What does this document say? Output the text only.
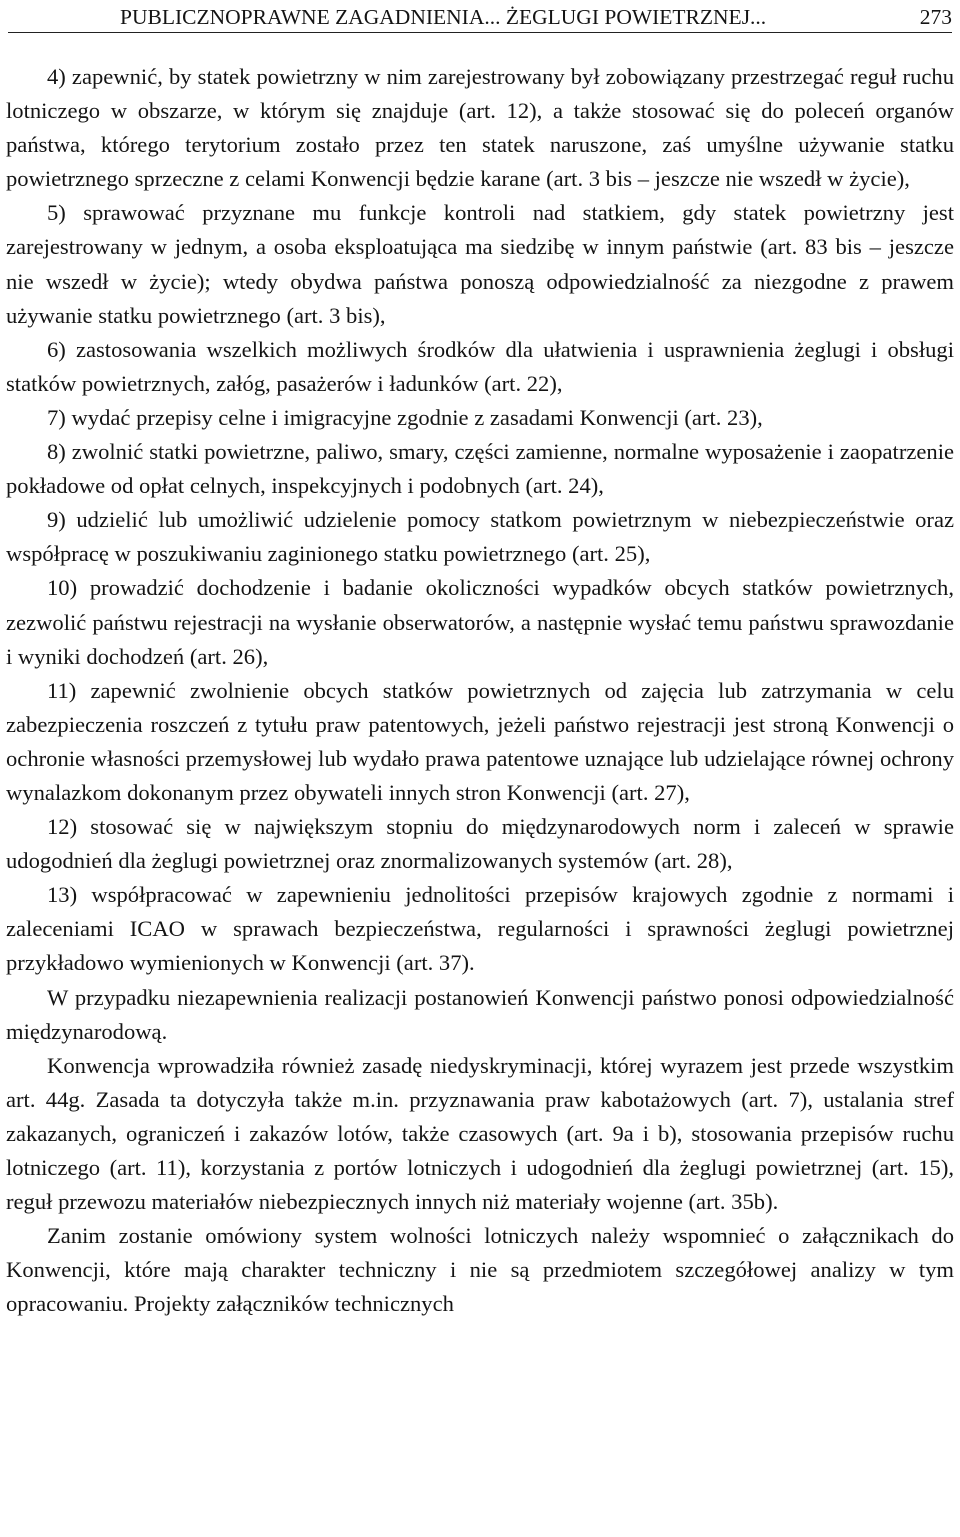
PUBLICZNOPRAWNE ZAGADNIENIA... ŻEGLUGI POWIETRZNEJ...	273

4) zapewnić, by statek powietrzny w nim zarejestrowany był zobowiązany przestrzegać reguł ruchu lotniczego w obszarze, w którym się znajduje (art. 12), a także stosować się do poleceń organów państwa, którego terytorium zostało przez ten statek naruszone, zaś umyślne używanie statku powietrznego sprzeczne z celami Konwencji będzie karane (art. 3 bis – jeszcze nie wszedł w życie),

5) sprawować przyznane mu funkcje kontroli nad statkiem, gdy statek powietrzny jest zarejestrowany w jednym, a osoba eksploatująca ma siedzibę w innym państwie (art. 83 bis – jeszcze nie wszedł w życie); wtedy obydwa państwa ponoszą odpowiedzialność za niezgodne z prawem używanie statku powietrznego (art. 3 bis),

6) zastosowania wszelkich możliwych środków dla ułatwienia i usprawnienia żeglugi i obsługi statków powietrznych, załóg, pasażerów i ładunków (art. 22),

7) wydać przepisy celne i imigracyjne zgodnie z zasadami Konwencji (art. 23),

8) zwolnić statki powietrzne, paliwo, smary, części zamienne, normalne wyposażenie i zaopatrzenie pokładowe od opłat celnych, inspekcyjnych i podobnych (art. 24),

9) udzielić lub umożliwić udzielenie pomocy statkom powietrznym w niebezpieczeństwie oraz współpracę w poszukiwaniu zaginionego statku powietrznego (art. 25),

10) prowadzić dochodzenie i badanie okoliczności wypadków obcych statków powietrznych, zezwolić państwu rejestracji na wysłanie obserwatorów, a następnie wysłać temu państwu sprawozdanie i wyniki dochodzeń (art. 26),

11) zapewnić zwolnienie obcych statków powietrznych od zajęcia lub zatrzymania w celu zabezpieczenia roszczeń z tytułu praw patentowych, jeżeli państwo rejestracji jest stroną Konwencji o ochronie własności przemysłowej lub wydało prawa patentowe uznające lub udzielające równej ochrony wynalazkom dokonanym przez obywateli innych stron Konwencji (art. 27),

12) stosować się w największym stopniu do międzynarodowych norm i zaleceń w sprawie udogodnień dla żeglugi powietrznej oraz znormalizowanych systemów (art. 28),

13) współpracować w zapewnieniu jednolitości przepisów krajowych zgodnie z normami i zaleceniami ICAO w sprawach bezpieczeństwa, regularności i sprawności żeglugi powietrznej przykładowo wymienionych w Konwencji (art. 37).

W przypadku niezapewnienia realizacji postanowień Konwencji państwo ponosi odpowiedzialność międzynarodową.

Konwencja wprowadziła również zasadę niedyskryminacji, której wyrazem jest przede wszystkim art. 44g. Zasada ta dotyczyła także m.in. przyznawania praw kabotażowych (art. 7), ustalania stref zakazanych, ograniczeń i zakazów lotów, także czasowych (art. 9a i b), stosowania przepisów ruchu lotniczego (art. 11), korzystania z portów lotniczych i udogodnień dla żeglugi powietrznej (art. 15), reguł przewozu materiałów niebezpiecznych innych niż materiały wojenne (art. 35b).

Zanim zostanie omówiony system wolności lotniczych należy wspomnieć o załącznikach do Konwencji, które mają charakter techniczny i nie są przedmiotem szczegółowej analizy w tym opracowaniu. Projekty załączników technicznych
